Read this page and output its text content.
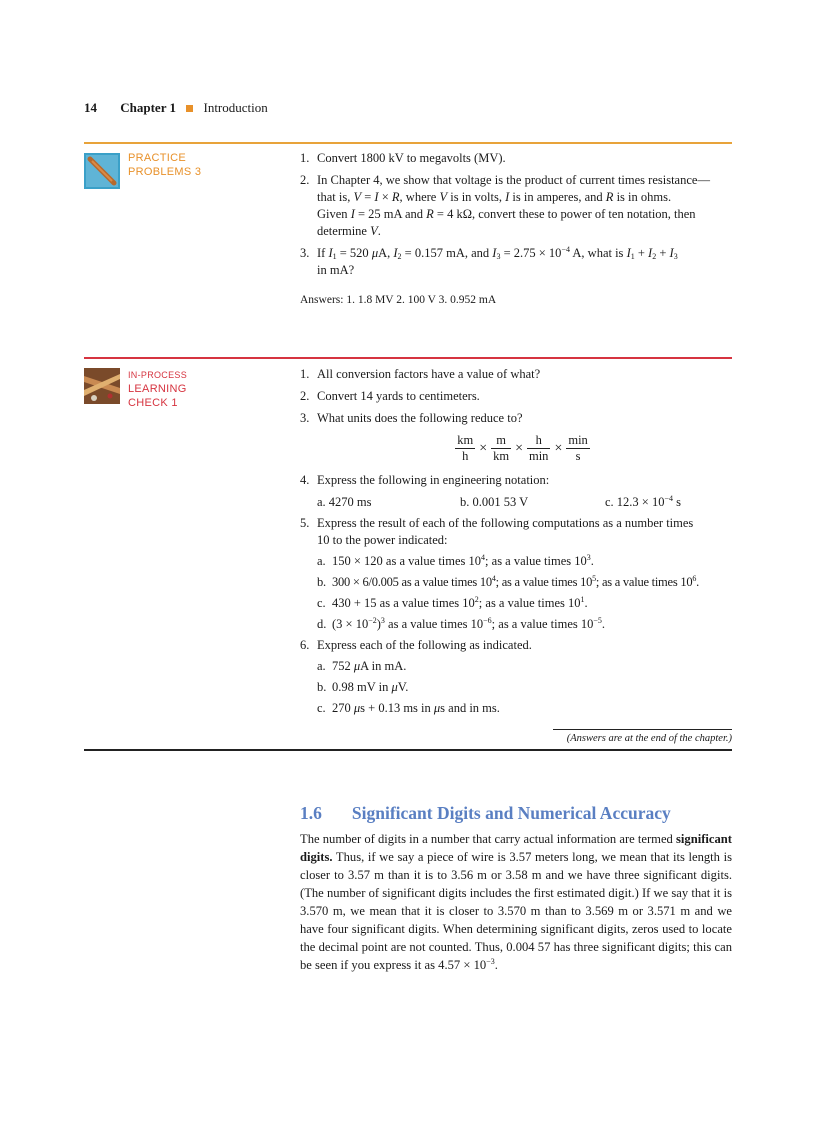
14 Chapter 1 Introduction
PRACTICE
PROBLEMS 3
1. Convert 1800 kV to megavolts (MV).
2. In Chapter 4, we show that voltage is the product of current times resistance—
that is, V = I × R, where V is in volts, I is in amperes, and R is in ohms.
Given I = 25 mA and R = 4 kΩ, convert these to power of ten notation, then
determine V.
3. If $I_1 = 520$ μA, $I_2 = 0.157$ mA, and $I_3 = 2.75 \times 10^{-4}$ A, what is $I_1 + I_2 + I_3$
in mA?
Answers: 1. 1.8 MV 2. 100 V 3. 0.952 mA
IN-PROCESS
LEARNING
CHECK 1
1. All conversion factors have a value of what?
2. Convert 14 yards to centimeters.
3. What units does the following reduce to?
$\frac{km}{h} \times \frac{m}{km} \times \frac{h}{\min} \times \frac{\min}{s}$
4. Express the following in engineering notation:
a. 4270 ms	b. 0.001 53 V	c. $12.3 \times 10^{-4}$ s
5. Express the result of each of the following computations as a number times
10 to the power indicated:
a. 150 × 120 as a value times $10^4$; as a value times $10^3$.
b. 300 × 6/0.005 as a value times $10^4$; as a value times $10^5$; as a value times $10^6$.
c. 430 + 15 as a value times $10^2$; as a value times $10^1$.
d. $(3 \times 10^{-2})^3$ as a value times $10^{-6}$; as a value times $10^{-5}$.
6. Express each of the following as indicated.
a. 752 μA in mA.
b. 0.98 mV in μV.
c. 270 μs + 0.13 ms in μs and in ms.
(Answers are at the end of the chapter.)
1.6 Significant Digits and Numerical Accuracy
The number of digits in a number that carry actual information are termed significant digits. Thus, if we say a piece of wire is 3.57 meters long, we mean that its length is closer to 3.57 m than it is to 3.56 m or 3.58 m and we have three significant digits. (The number of significant digits includes the first estimated digit.) If we say that it is 3.570 m, we mean that it is closer to 3.570 m than to 3.569 m or 3.571 m and we have four significant digits. When determining significant digits, zeros used to locate the decimal point are not counted. Thus, 0.004 57 has three significant digits; this can be seen if you express it as $4.57 \times 10^{-3}$.
